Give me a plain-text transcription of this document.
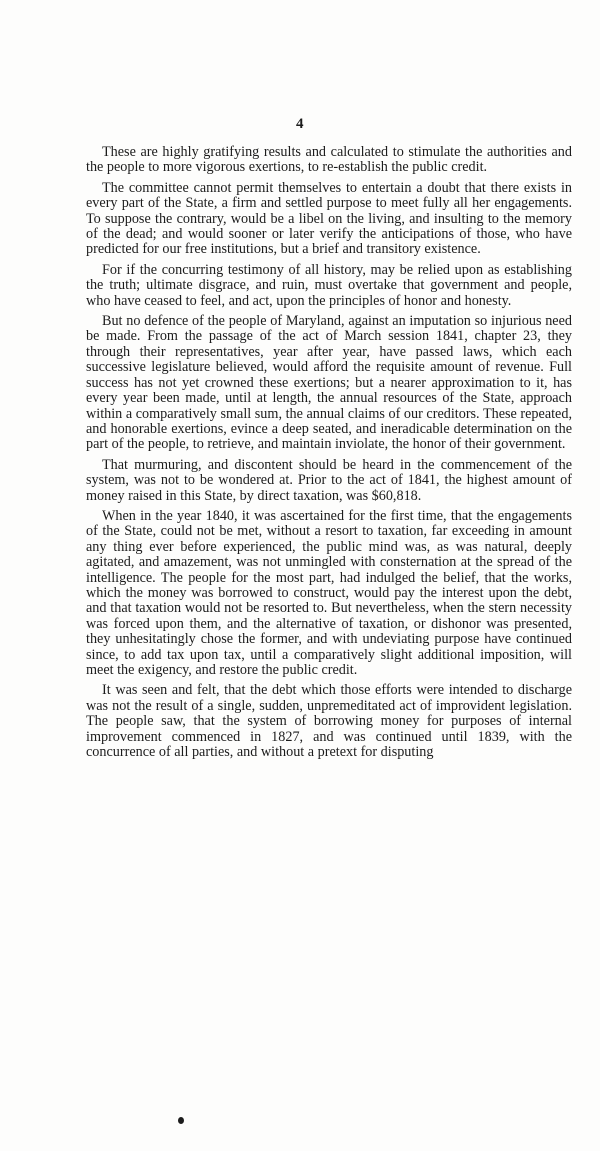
4

These are highly gratifying results and calculated to stimulate the authorities and the people to more vigorous exertions, to re-establish the public credit.

The committee cannot permit themselves to entertain a doubt that there exists in every part of the State, a firm and settled purpose to meet fully all her engagements. To suppose the contrary, would be a libel on the living, and insulting to the memory of the dead; and would sooner or later verify the anticipations of those, who have predicted for our free institutions, but a brief and transitory existence.

For if the concurring testimony of all history, may be relied upon as establishing the truth; ultimate disgrace, and ruin, must overtake that government and people, who have ceased to feel, and act, upon the principles of honor and honesty.

But no defence of the people of Maryland, against an imputation so injurious need be made. From the passage of the act of March session 1841, chapter 23, they through their representatives, year after year, have passed laws, which each successive legislature believed, would afford the requisite amount of revenue. Full success has not yet crowned these exertions; but a nearer approximation to it, has every year been made, until at length, the annual resources of the State, approach within a comparatively small sum, the annual claims of our creditors. These repeated, and honorable exertions, evince a deep seated, and ineradicable determination on the part of the people, to retrieve, and maintain inviolate, the honor of their government.

That murmuring, and discontent should be heard in the commencement of the system, was not to be wondered at. Prior to the act of 1841, the highest amount of money raised in this State, by direct taxation, was $60,818.

When in the year 1840, it was ascertained for the first time, that the engagements of the State, could not be met, without a resort to taxation, far exceeding in amount any thing ever before experienced, the public mind was, as was natural, deeply agitated, and amazement, was not unmingled with consternation at the spread of the intelligence. The people for the most part, had indulged the belief, that the works, which the money was borrowed to construct, would pay the interest upon the debt, and that taxation would not be resorted to. But nevertheless, when the stern necessity was forced upon them, and the alternative of taxation, or dishonor was presented, they unhesitatingly chose the former, and with undeviating purpose have continued since, to add tax upon tax, until a comparatively slight additional imposition, will meet the exigency, and restore the public credit.

It was seen and felt, that the debt which those efforts were intended to discharge was not the result of a single, sudden, unpremeditated act of improvident legislation. The people saw, that the system of borrowing money for purposes of internal improvement commenced in 1827, and was continued until 1839, with the concurrence of all parties, and without a pretext for disputing
